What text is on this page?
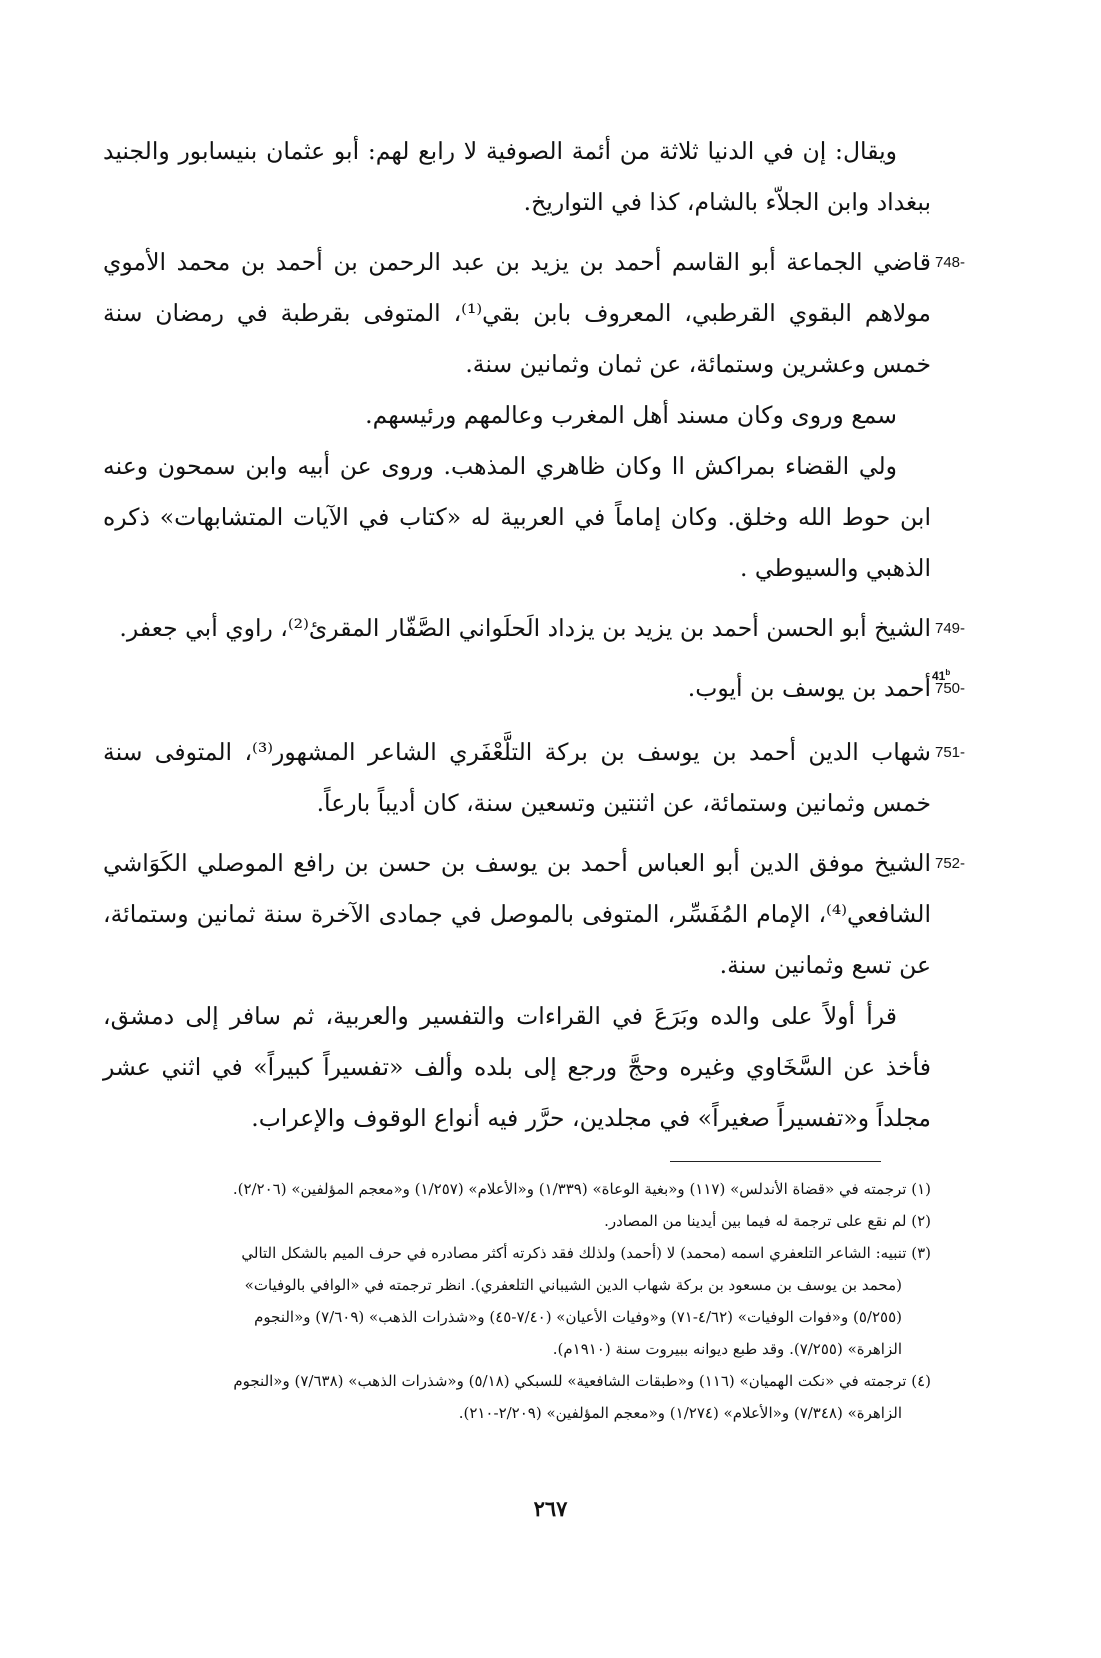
ويقال: إن في الدنيا ثلاثة من أئمة الصوفية لا رابع لهم: أبو عثمان بنيسابور والجنيد ببغداد وابن الجلاّء بالشام، كذا في التواريخ.

748-

قاضي الجماعة أبو القاسم أحمد بن يزيد بن عبد الرحمن بن أحمد بن محمد الأموي مولاهم البقوي القرطبي، المعروف بابن بقي⁽¹⁾، المتوفى بقرطبة في رمضان سنة خمس وعشرين وستمائة، عن ثمان وثمانين سنة.

سمع وروى وكان مسند أهل المغرب وعالمهم ورئيسهم.

ولي القضاء بمراكش اا وكان ظاهري المذهب. وروى عن أبيه وابن سمحون وعنه ابن حوط الله وخلق. وكان إماماً في العربية له «كتاب في الآيات المتشابهات» ذكره الذهبي والسيوطي .

749-

الشيخ أبو الحسن أحمد بن يزيد بن يزداد الَحلَواني الصَّفّار المقرئ⁽²⁾، راوي أبي جعفر.

750-

أحمد بن يوسف بن أيوب.

751-

شهاب الدين أحمد بن يوسف بن بركة التلَّعْفَري الشاعر المشهور⁽³⁾، المتوفى سنة خمس وثمانين وستمائة، عن اثنتين وتسعين سنة، كان أديباً بارعاً.

752-

الشيخ موفق الدين أبو العباس أحمد بن يوسف بن حسن بن رافع الموصلي الكَوَاشي الشافعي⁽⁴⁾، الإمام المُفَسِّر، المتوفى بالموصل في جمادى الآخرة سنة ثمانين وستمائة، عن تسع وثمانين سنة.

قرأ أولاً على والده وبَرَعَ في القراءات والتفسير والعربية، ثم سافر إلى دمشق، فأخذ عن السَّخَاوي وغيره وحجَّ ورجع إلى بلده وألف «تفسيراً كبيراً» في اثني عشر مجلداً و«تفسيراً صغيراً» في مجلدين، حرَّر فيه أنواع الوقوف والإعراب.

41$^b$

(١) ترجمته في «قضاة الأندلس» (١١٧) و«بغية الوعاة» (١/٣٣٩) و«الأعلام» (١/٢٥٧) و«معجم المؤلفين» (٢/٢٠٦).

(٢) لم نقع على ترجمة له فيما بين أيدينا من المصادر.

(٣) تنبيه: الشاعر التلعفري اسمه (محمد) لا (أحمد) ولذلك فقد ذكرته أكثر مصادره في حرف الميم بالشكل التالي

(محمد بن يوسف بن مسعود بن بركة شهاب الدين الشيباني التلعفري). انظر ترجمته في «الوافي بالوفيات»

(٥/٢٥٥) و«فوات الوفيات» (٤/٦٢-٧١) و«وفيات الأعيان» (٧/٤٠-٤٥) و«شذرات الذهب» (٧/٦٠٩) و«النجوم

الزاهرة» (٧/٢٥٥). وقد طبع ديوانه ببيروت سنة (١٩١٠م).

(٤) ترجمته في «نكت الهميان» (١١٦) و«طبقات الشافعية» للسبكي (٥/١٨) و«شذرات الذهب» (٧/٦٣٨) و«النجوم

الزاهرة» (٧/٣٤٨) و«الأعلام» (١/٢٧٤) و«معجم المؤلفين» (٢/٢٠٩-٢١٠).

٢٦٧
